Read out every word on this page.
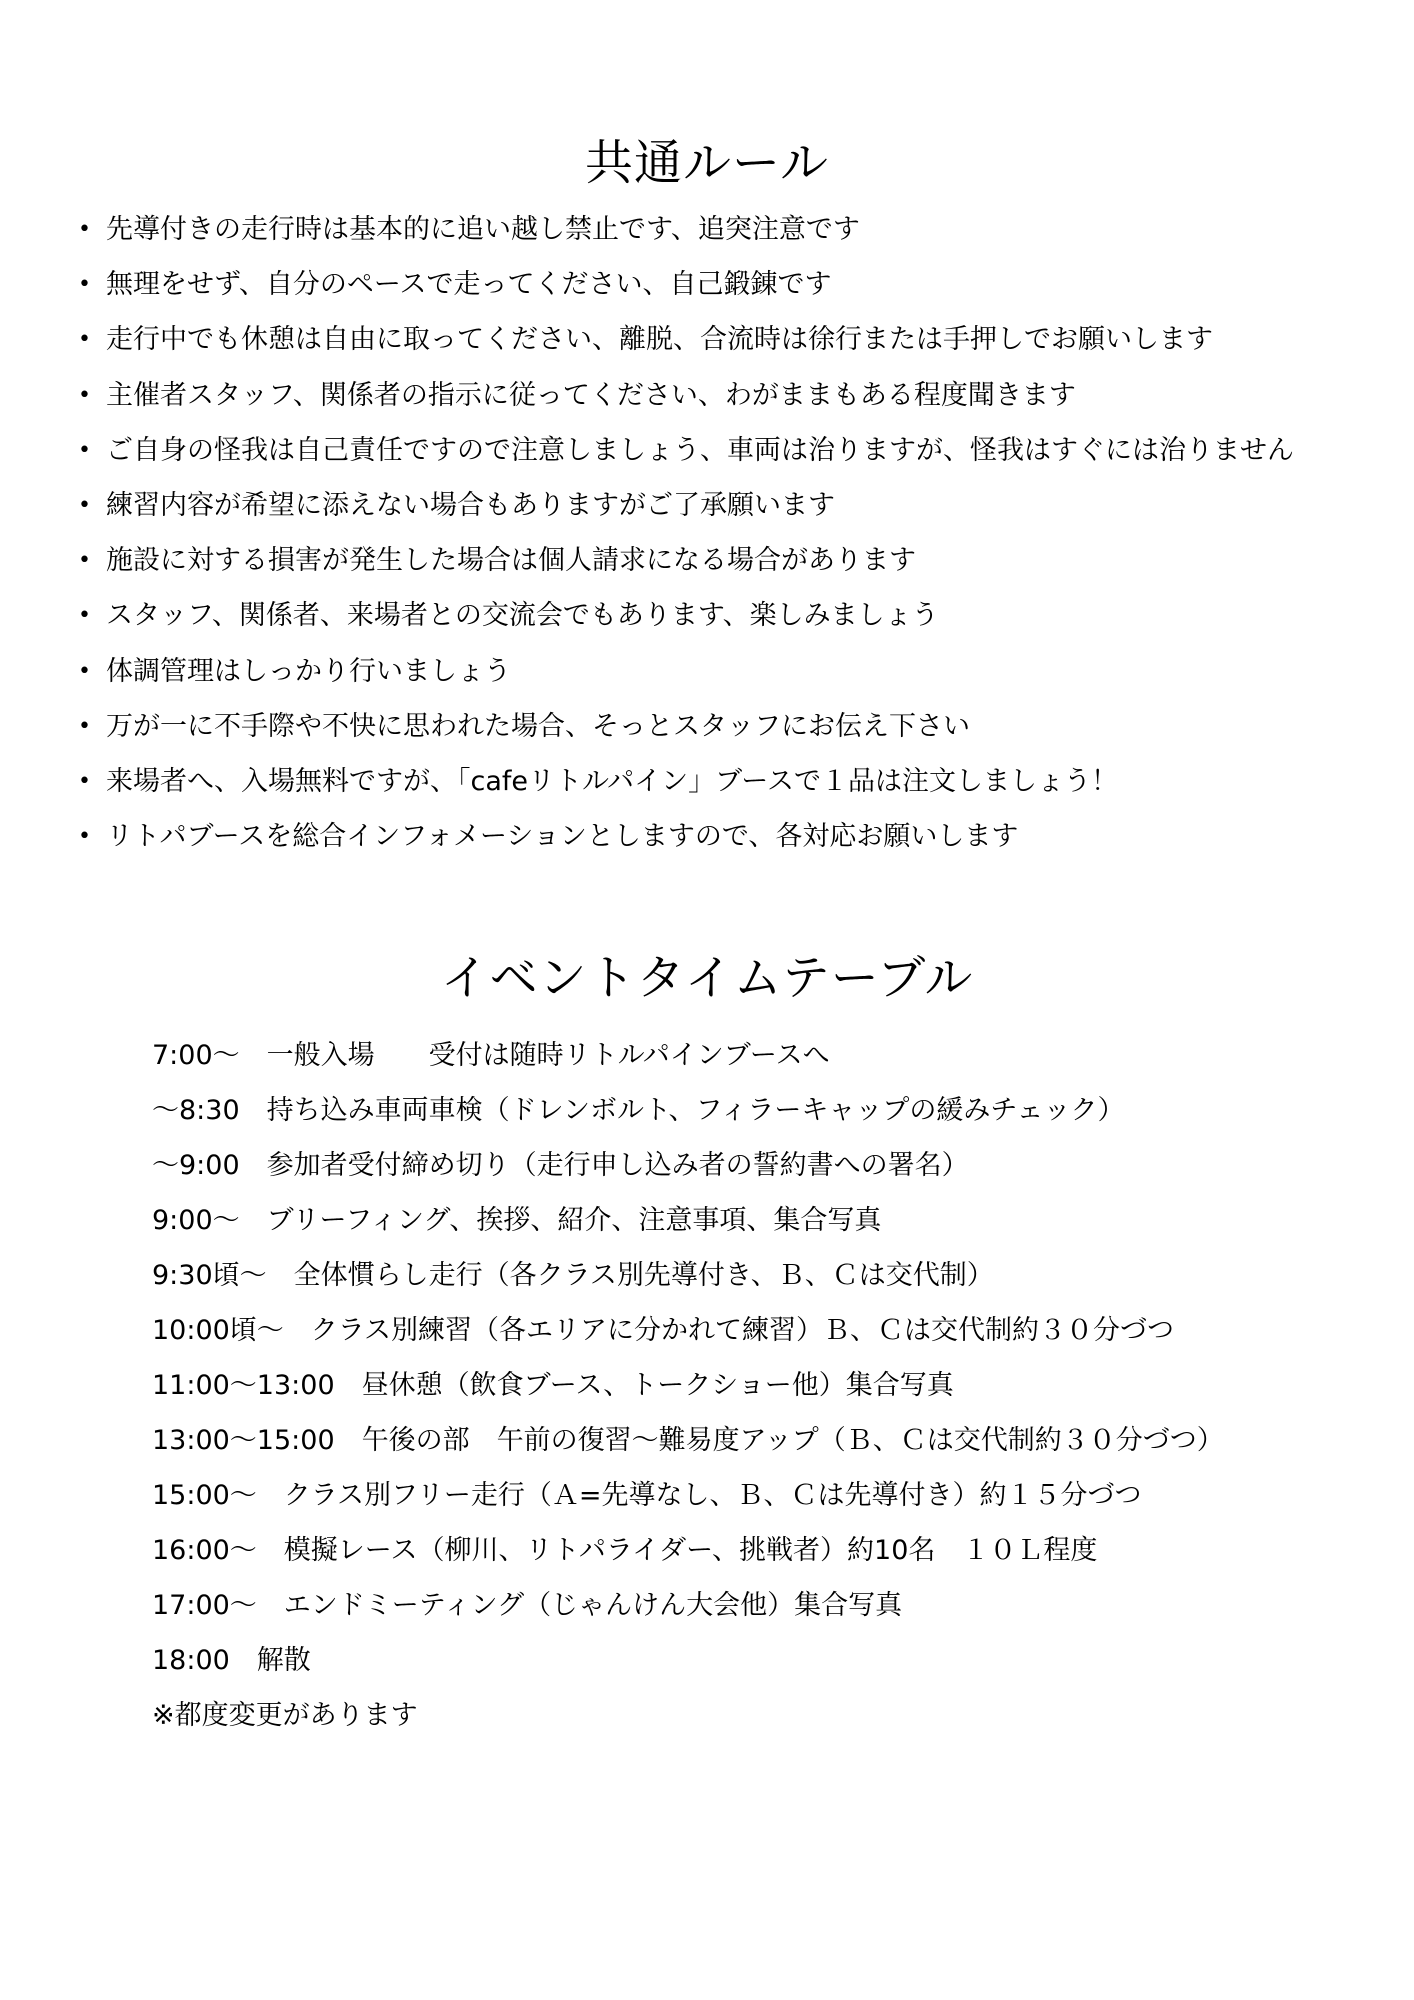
共通ルール
• 先導付きの走行時は基本的に追い越し禁止です、追突注意です
• 無理をせず、自分のペースで走ってください、自己鍛錬です
• 走行中でも休憩は自由に取ってください、離脱、合流時は徐行または手押しでお願いします
• 主催者スタッフ、関係者の指示に従ってください、わがままもある程度聞きます
• ご自身の怪我は自己責任ですので注意しましょう、車両は治りますが、怪我はすぐには治りません
• 練習内容が希望に添えない場合もありますがご了承願います
• 施設に対する損害が発生した場合は個人請求になる場合があります
• スタッフ、関係者、来場者との交流会でもあります、楽しみましょう
• 体調管理はしっかり行いましょう
• 万が一に不手際や不快に思われた場合、そっとスタッフにお伝え下さい
• 来場者へ、入場無料ですが、「cafeリトルパイン」ブースで１品は注文しましょう！
• リトパブースを総合インフォメーションとしますので、各対応お願いします
イベントタイムテーブル
7:00〜　一般入場　　受付は随時リトルパインブースへ
〜8:30　持ち込み車両車検（ドレンボルト、フィラーキャップの緩みチェック）
〜9:00　参加者受付締め切り（走行申し込み者の誓約書への署名）
9:00〜　ブリーフィング、挨拶、紹介、注意事項、集合写真
9:30頃〜　全体慣らし走行（各クラス別先導付き、Ｂ、Ｃは交代制）
10:00頃〜　クラス別練習（各エリアに分かれて練習）Ｂ、Ｃは交代制約３０分づつ
11:00〜13:00　昼休憩（飲食ブース、トークショー他）集合写真
13:00〜15:00　午後の部　午前の復習〜難易度アップ（Ｂ、Ｃは交代制約３０分づつ）
15:00〜　クラス別フリー走行（Ａ=先導なし、Ｂ、Ｃは先導付き）約１５分づつ
16:00〜　模擬レース（柳川、リトパライダー、挑戦者）約10名　１０Ｌ程度
17:00〜　エンドミーティング（じゃんけん大会他）集合写真
18:00　解散
※都度変更があります
